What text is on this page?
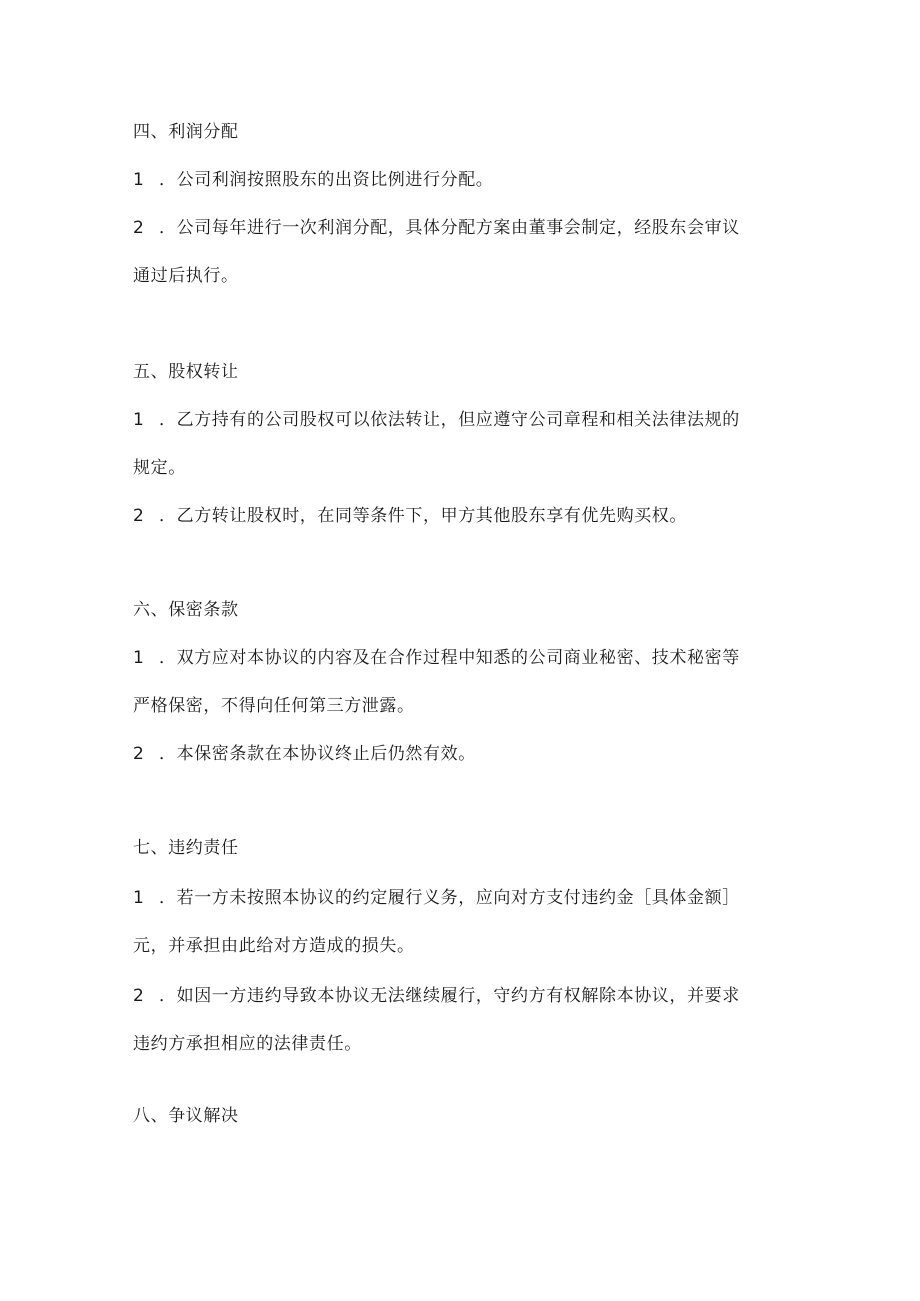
四、利润分配
1 ．公司利润按照股东的出资比例进行分配。
2 ．公司每年进行一次利润分配，具体分配方案由董事会制定，经股东会审议
通过后执行。
五、股权转让
1 ．乙方持有的公司股权可以依法转让，但应遵守公司章程和相关法律法规的
规定。
2 ．乙方转让股权时，在同等条件下，甲方其他股东享有优先购买权。
六、保密条款
1 ．双方应对本协议的内容及在合作过程中知悉的公司商业秘密、技术秘密等
严格保密，不得向任何第三方泄露。
2 ．本保密条款在本协议终止后仍然有效。
七、违约责任
1 ．若一方未按照本协议的约定履行义务，应向对方支付违约金［具体金额］
元，并承担由此给对方造成的损失。
2 ．如因一方违约导致本协议无法继续履行，守约方有权解除本协议，并要求
违约方承担相应的法律责任。
八、争议解决
